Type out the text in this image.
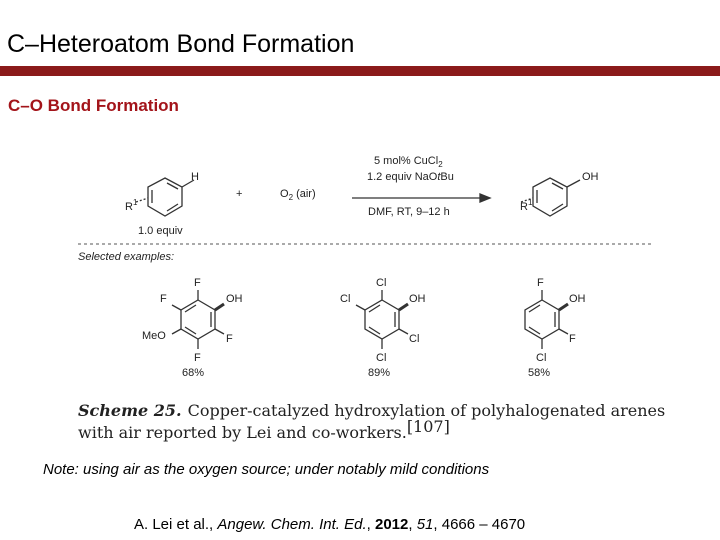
C–Heteroatom Bond Formation
C–O Bond Formation
$R^1$
H
1.0 equiv
+	$O_2$ (air)
5 mol% CuCl$_2$
1.2 equiv NaOtBu
DMF, RT, 9–12 h
OH
$R^1$
Selected examples:
F
F
MeO
F
F
OH
68%
Cl
Cl
Cl
Cl
OH
89%
F
Cl
F
OH
58%
Scheme 25. Copper-catalyzed hydroxylation of polyhalogenated arenes
with air reported by Lei and co-workers.[107]
Note: using air as the oxygen source; under notably mild conditions
A. Lei et al., Angew. Chem. Int. Ed., 2012, 51, 4666 – 4670
